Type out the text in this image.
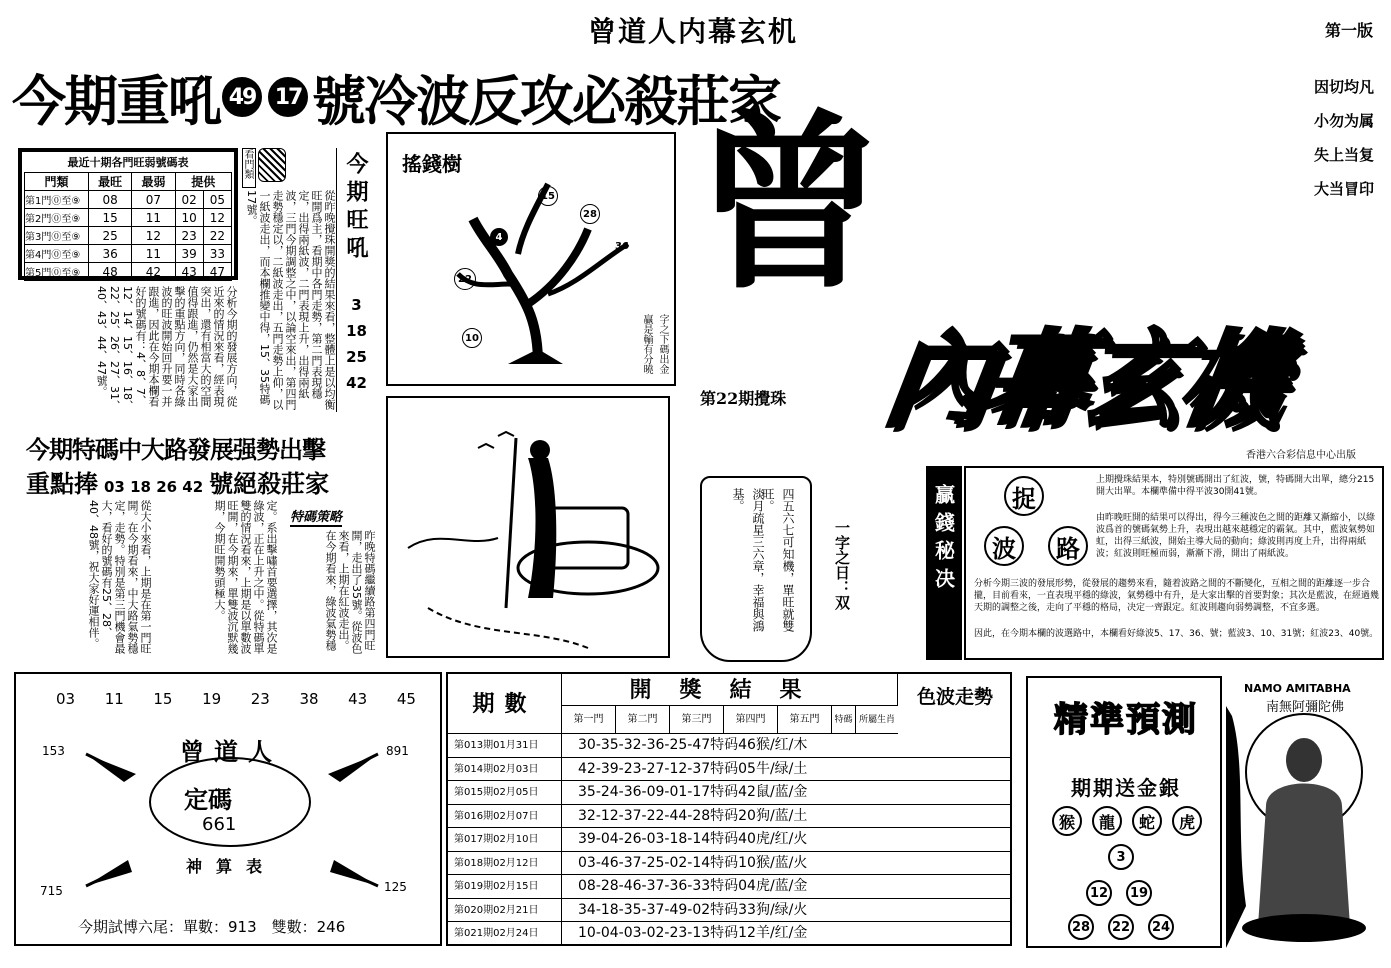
曾道人内幕玄机	第一版
今期重吼 49 17 號冷波反攻必殺莊家	因切均凡
小勿为属
失上当复
大当冒印
最近十期各門旺弱號碼表
門類	最旺	最弱	提供	
第1門⓪至⑨	08	07	02	05
第2門⓪至⑨	15	11	10	12
第3門⓪至⑨	25	12	23	22
第4門⓪至⑨	36	11	39	33
第5門⓪至⑨	48	42	43	47
看門類
從昨晚攪珠開獎的結果來看，整體上是以均衡旺開爲主，看期中各門走勢，第二門表現穩定，出得兩紙波，二門表現上升，出得兩紙波，三門今期調整之中，以論空來出，第四門走勢穩定以，二紙波走出，五門走勢上仰，以一紙波走出，而本欄推變中得，15、35特碼17號。
分析今期的發展方向，從近來的情況來看，經表現突出，還有相當大的空間值得跟進，仍然是大家出擊的重點方向，同時各綠波的旺波開始回升要一并跟進，因此在今期本欄看好的號碼有：4、8、7、12、14、15、16、18、22、25、26、27、31、40、43、44、47號。
今期旺吼
3
18
25
42
搖錢樹
15
28
4
36
22
10	字之下碼出金贏是輸有分曉
第22期攪珠
曾
內幕玄機
香港六合彩信息中心出版
今期特碼中大路發展强勢出擊
重點捧 03 18 26 42 號絕殺莊家
特碼策略
昨晚特碼繼續路第四門旺開，走出了35號。從波色來看，上期在紅波走出。在今期看來，綠波氣勢穩
定。系出擊嘯首要選擇，其次是綠波，正在上升之中。從特碼單雙的情況看來，上期是以單數波旺開，在今期來，單雙波沉默幾期，今期旺開勢頭極大。
從大小來看，上期是在第一門旺開。在今期看來，中大路氣勢穩定，走勢。特別是第三門機會最大，看好的號碼有25、28、40、48號，祝大家好運相伴。	四五六七可知機，單旺就雙旺。
淡月疏星三六章，幸福與鴻基。
一字之日：双	贏錢秘决	捉
波	路
上期攪珠結果本，特別號碼開出了紅波，號，特碼開大出單，總分215開大出單。本欄準備中得平波30開41號。
由昨晚旺開的結果可以得出，得今三種波色之間的距離又漸縮小，以綠波爲首的號碼氣勢上升，表現出越來越穩定的霸氣。其中，藍波氣勢如虹，出得三紙波，開始主導大局的動向；綠波則再度上升，出得兩紙波；紅波則旺極而弱，漸漸下滑，開出了兩紙波。
分析今期三波的發展形勢，從發展的趨勢來看，隨着波路之間的不斷變化，互相之間的距離逐一步合攏，目前看來，一直表現平穩的綠波，氣勢穩中有升，是大家出擊的首要對象；其次是藍波，在經過幾天期的調整之後，走向了平穩的格局，决定一齊跟定。紅波則趨向弱勢調整，不宜多選。
因此，在今期本欄的波選路中，本欄看好綠波5、17、36、號；藍波3、10、31號；紅波23、40號。
03 11 15 19 23 38 43 45
153	891
715	125
曾道人
定碼
661
神算表
今期試博六尾：單數：913　雙數：246
期數
開獎結果	色波走勢
第一門	第二門	第三門	第四門	第五門	特碼 所屬生肖
第013期01月31日	30-35-32-36-25-47特码46猴/红/木
第014期02月03日	42-39-23-27-12-37特码05牛/绿/土
第015期02月05日	35-24-36-09-01-17特码42鼠/蓝/金
第016期02月07日	32-12-37-22-44-28特码20狗/蓝/土
第017期02月10日	39-04-26-03-18-14特码40虎/红/火
第018期02月12日	03-46-37-25-02-14特码10猴/蓝/火
第019期02月15日	08-28-46-37-36-33特码04虎/蓝/金
第020期02月21日	34-18-35-37-49-02特码33狗/绿/火
第021期02月24日	10-04-03-02-23-13特码12羊/红/金
精準預測
期期送金銀
猴	龍	蛇	虎
3
12	19
28	22	24
NAMO AMITABHA
南無阿彌陀佛
